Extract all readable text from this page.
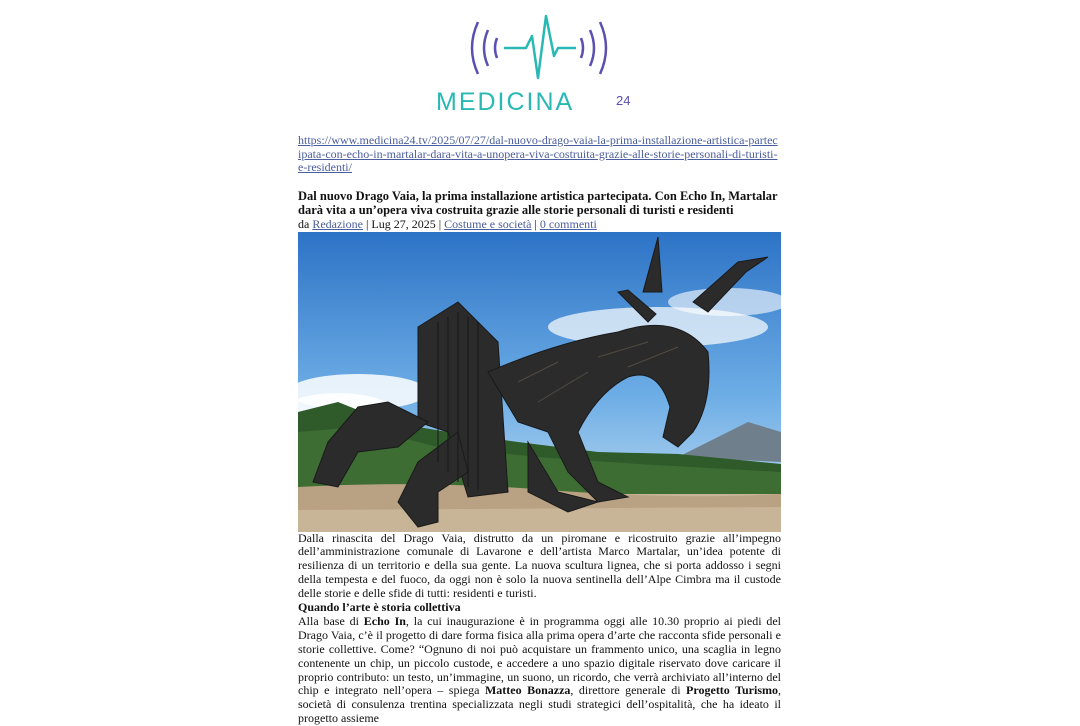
MEDICINA	24
https://www.medicina24.tv/2025/07/27/dal-nuovo-drago-vaia-la-prima-installazione-artistica-partecipata-con-echo-in-martalar-dara-vita-a-unopera-viva-costruita-grazie-alle-storie-personali-di-turisti-e-residenti/
Dal nuovo Drago Vaia, la prima installazione artistica partecipata. Con Echo In, Martalar darà vita a un’opera viva costruita grazie alle storie personali di turisti e residenti
da Redazione | Lug 27, 2025 | Costume e società | 0 commenti
Dalla rinascita del Drago Vaia, distrutto da un piromane e ricostruito grazie all’impegno dell’amministrazione comunale di Lavarone e dell’artista Marco Martalar, un’idea potente di resilienza di un territorio e della sua gente. La nuova scultura lignea, che si porta addosso i segni della tempesta e del fuoco, da oggi non è solo la nuova sentinella dell’Alpe Cimbra ma il custode delle storie e delle sfide di tutti: residenti e turisti.
Quando l’arte è storia collettiva
Alla base di Echo In, la cui inaugurazione è in programma oggi alle 10.30 proprio ai piedi del Drago Vaia, c’è il progetto di dare forma fisica alla prima opera d’arte che racconta sfide personali e storie collettive. Come? “Ognuno di noi può acquistare un frammento unico, una scaglia in legno contenente un chip, un piccolo custode, e accedere a uno spazio digitale riservato dove caricare il proprio contributo: un testo, un’immagine, un suono, un ricordo, che verrà archiviato all’interno del chip e integrato nell’opera – spiega Matteo Bonazza, direttore generale di Progetto Turismo, società di consulenza trentina specializzata negli studi strategici dell’ospitalità, che ha ideato il progetto assieme
